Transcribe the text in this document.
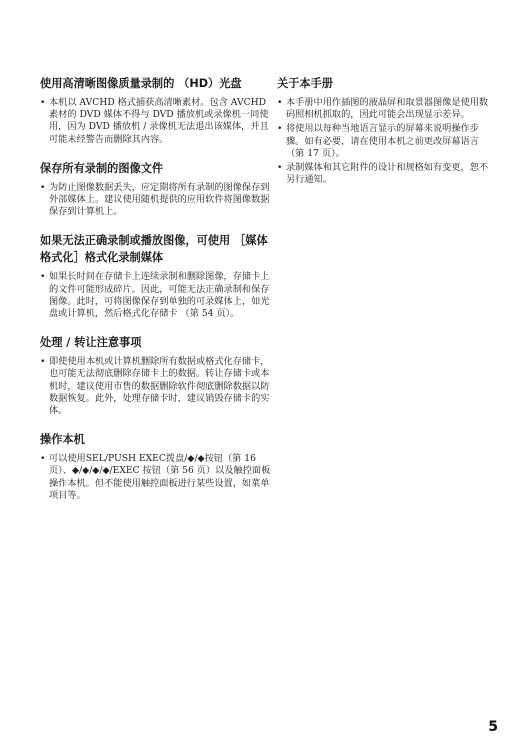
使用高清晰图像质量录制的 （HD）光盘
• 本机以 AVCHD 格式捕获高清晰素材。包含 AVCHD 素材的 DVD 媒体不得与 DVD 播放机或录像机一同使用，因为 DVD 播放机 / 录像机无法退出该媒体，并且可能未经警告而删除其内容。
保存所有录制的图像文件
• 为防止图像数据丢失，应定期将所有录制的图像保存到外部媒体上。建议使用随机提供的应用软件将图像数据保存到计算机上。
如果无法正确录制或播放图像，可使用 ［媒体格式化］格式化录制媒体
• 如果长时间在存储卡上连续录制和删除图像，存储卡上的文件可能形成碎片。因此，可能无法正确录制和保存图像。此时，可将图像保存到单独的可录媒体上，如光盘或计算机，然后格式化存储卡 （第 54 页）。
处理 / 转让注意事项
• 即使使用本机或计算机删除所有数据或格式化存储卡，也可能无法彻底删除存储卡上的数据。转让存储卡或本机时，建议使用市售的数据删除软件彻底删除数据以防数据恢复。此外，处理存储卡时，建议销毁存储卡的实体。
操作本机
• 可以使用SEL/PUSH EXEC拨盘/◆/◆按钮（第 16 页）、◆/◆/◆/◆/EXEC 按钮（第 56 页）以及触控面板操作本机。但不能使用触控面板进行某些设置，如菜单项目等。
关于本手册
• 本手册中用作插图的液晶屏和取景器图像是使用数码照相机抓取的，因此可能会出现显示差异。
• 将使用以每种当地语言显示的屏幕来说明操作步骤。如有必要，请在使用本机之前更改屏幕语言 （第 17 页）。
• 录制媒体和其它附件的设计和规格如有变更，恕不另行通知。
5
